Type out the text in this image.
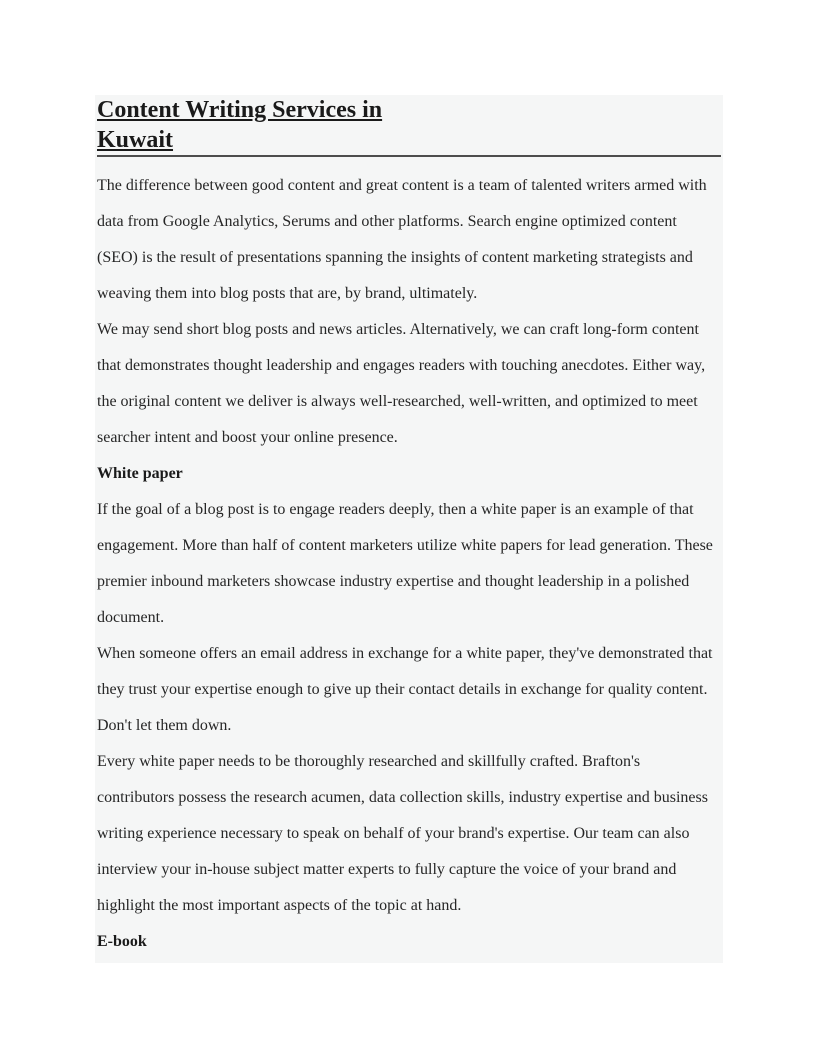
Content Writing Services in
Kuwait

The difference between good content and great content is a team of talented writers armed with data from Google Analytics, Serums and other platforms. Search engine optimized content (SEO) is the result of presentations spanning the insights of content marketing strategists and weaving them into blog posts that are, by brand, ultimately.

We may send short blog posts and news articles. Alternatively, we can craft long-form content that demonstrates thought leadership and engages readers with touching anecdotes. Either way, the original content we deliver is always well-researched, well-written, and optimized to meet searcher intent and boost your online presence.

White paper

If the goal of a blog post is to engage readers deeply, then a white paper is an example of that engagement. More than half of content marketers utilize white papers for lead generation. These premier inbound marketers showcase industry expertise and thought leadership in a polished document.

When someone offers an email address in exchange for a white paper, they've demonstrated that they trust your expertise enough to give up their contact details in exchange for quality content. Don't let them down.

Every white paper needs to be thoroughly researched and skillfully crafted. Brafton's contributors possess the research acumen, data collection skills, industry expertise and business writing experience necessary to speak on behalf of your brand's expertise. Our team can also interview your in-house subject matter experts to fully capture the voice of your brand and highlight the most important aspects of the topic at hand.

E-book
